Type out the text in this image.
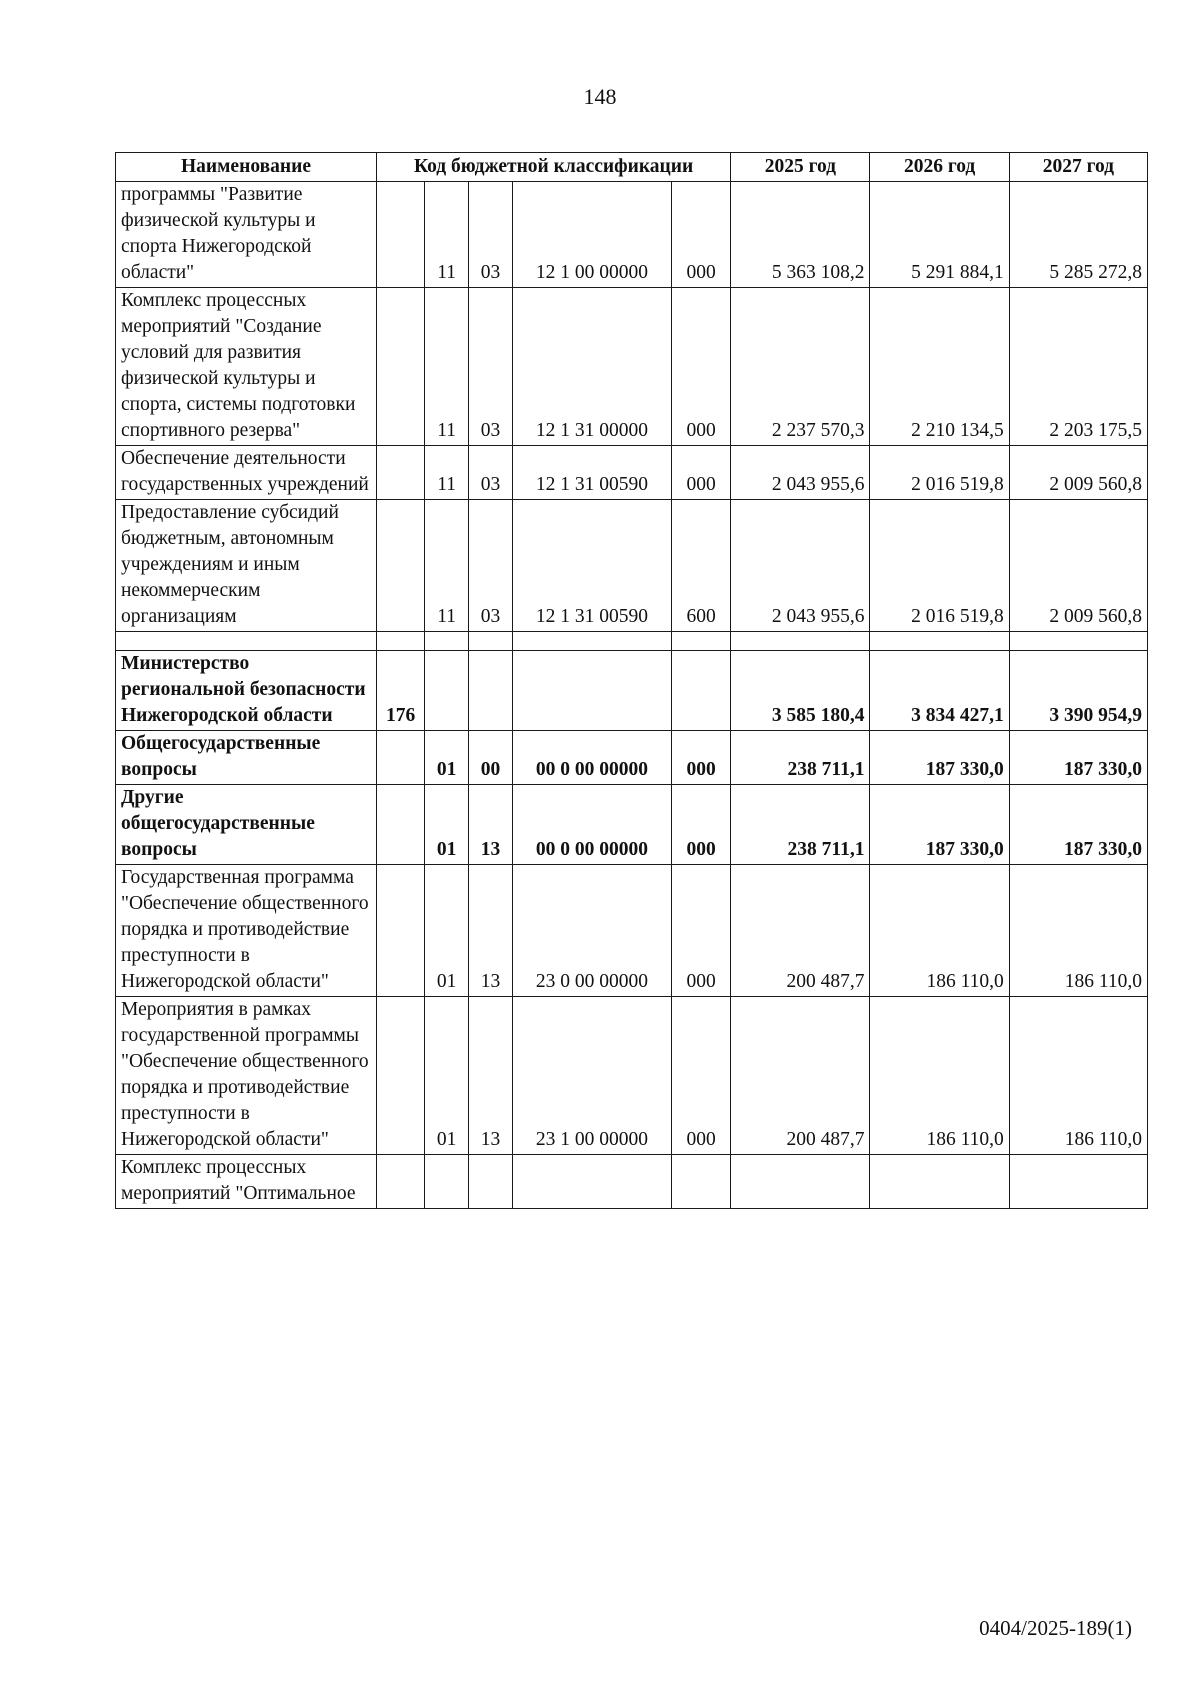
148
Наименование	Код бюджетной классификации					2025 год	2026 год	2027 год
программы "Развитие физической культуры и спорта Нижегородской области"		11	03	12 1 00 00000	000	5 363 108,2	5 291 884,1	5 285 272,8
Комплекс процессных мероприятий "Создание условий для развития физической культуры и спорта, системы подготовки спортивного резерва"		11	03	12 1 31 00000	000	2 237 570,3	2 210 134,5	2 203 175,5
Обеспечение деятельности государственных учреждений		11	03	12 1 31 00590	000	2 043 955,6	2 016 519,8	2 009 560,8
Предоставление субсидий бюджетным, автономным учреждениям и иным некоммерческим организациям		11	03	12 1 31 00590	600	2 043 955,6	2 016 519,8	2 009 560,8

Министерство региональной безопасности Нижегородской области	176					3 585 180,4	3 834 427,1	3 390 954,9
Общегосударственные вопросы		01	00	00 0 00 00000	000	238 711,1	187 330,0	187 330,0
Другие общегосударственные вопросы		01	13	00 0 00 00000	000	238 711,1	187 330,0	187 330,0
Государственная программа "Обеспечение общественного порядка и противодействие преступности в Нижегородской области"		01	13	23 0 00 00000	000	200 487,7	186 110,0	186 110,0
Мероприятия в рамках государственной программы "Обеспечение общественного порядка и противодействие преступности в Нижегородской области"		01	13	23 1 00 00000	000	200 487,7	186 110,0	186 110,0
Комплекс процессных мероприятий "Оптимальное								
0404/2025-189(1)
